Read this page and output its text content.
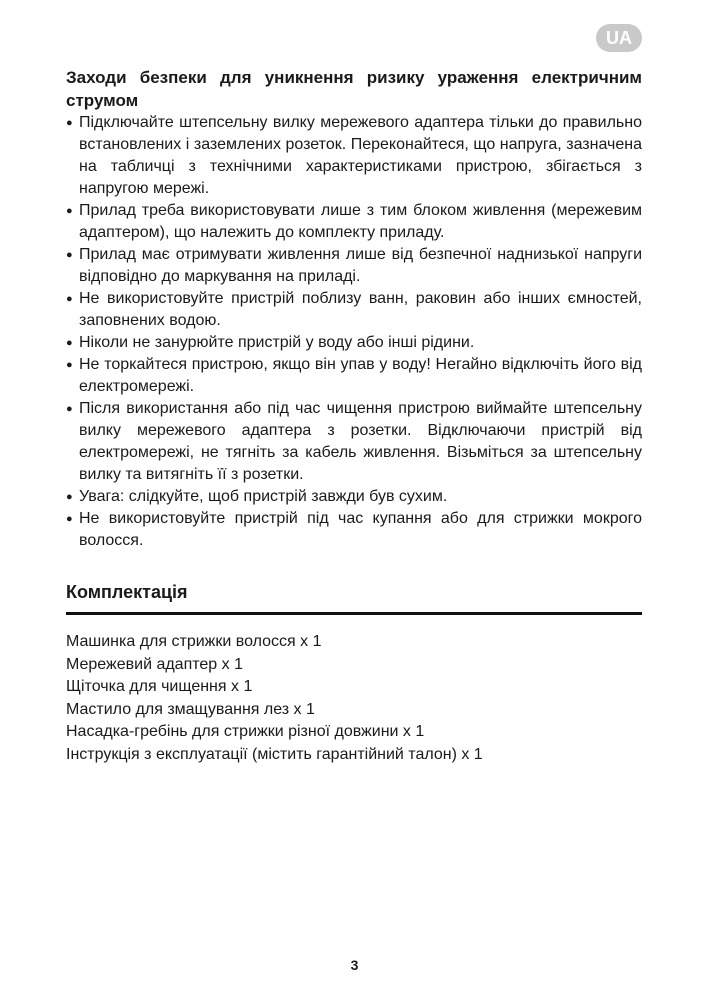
UA
Заходи безпеки для уникнення ризику ураження електричним струмом
● Підключайте штепсельну вилку мережевого адаптера тільки до правильно встановлених і заземлених розеток. Переконайтеся, що напруга, зазначена на табличці з технічними характеристиками пристрою, збігається з напругою мережі.
● Прилад треба використовувати лише з тим блоком живлення (мережевим адаптером), що належить до комплекту приладу.
● Прилад має отримувати живлення лише від безпечної наднизької напруги відповідно до маркування на приладі.
● Не використовуйте пристрій поблизу ванн, раковин або інших ємностей, заповнених водою.
● Ніколи не занурюйте пристрій у воду або інші рідини.
● Не торкайтеся пристрою, якщо він упав у воду! Негайно відключіть його від електромережі.
● Після використання або під час чищення пристрою виймайте штепсельну вилку мережевого адаптера з розетки. Відключаючи пристрій від електромережі, не тягніть за кабель живлення. Візьміться за штепсельну вилку та витягніть її з розетки.
● Увага: слідкуйте, щоб пристрій завжди був сухим.
● Не використовуйте пристрій під час купання або для стрижки мокрого волосся.
Комплектація
Машинка для стрижки волосся x 1
Мережевий адаптер x 1
Щіточка для чищення x 1
Мастило для змащування лез x 1
Насадка-гребінь для стрижки різної довжини x 1
Інструкція з експлуатації (містить гарантійний талон) x 1
3
